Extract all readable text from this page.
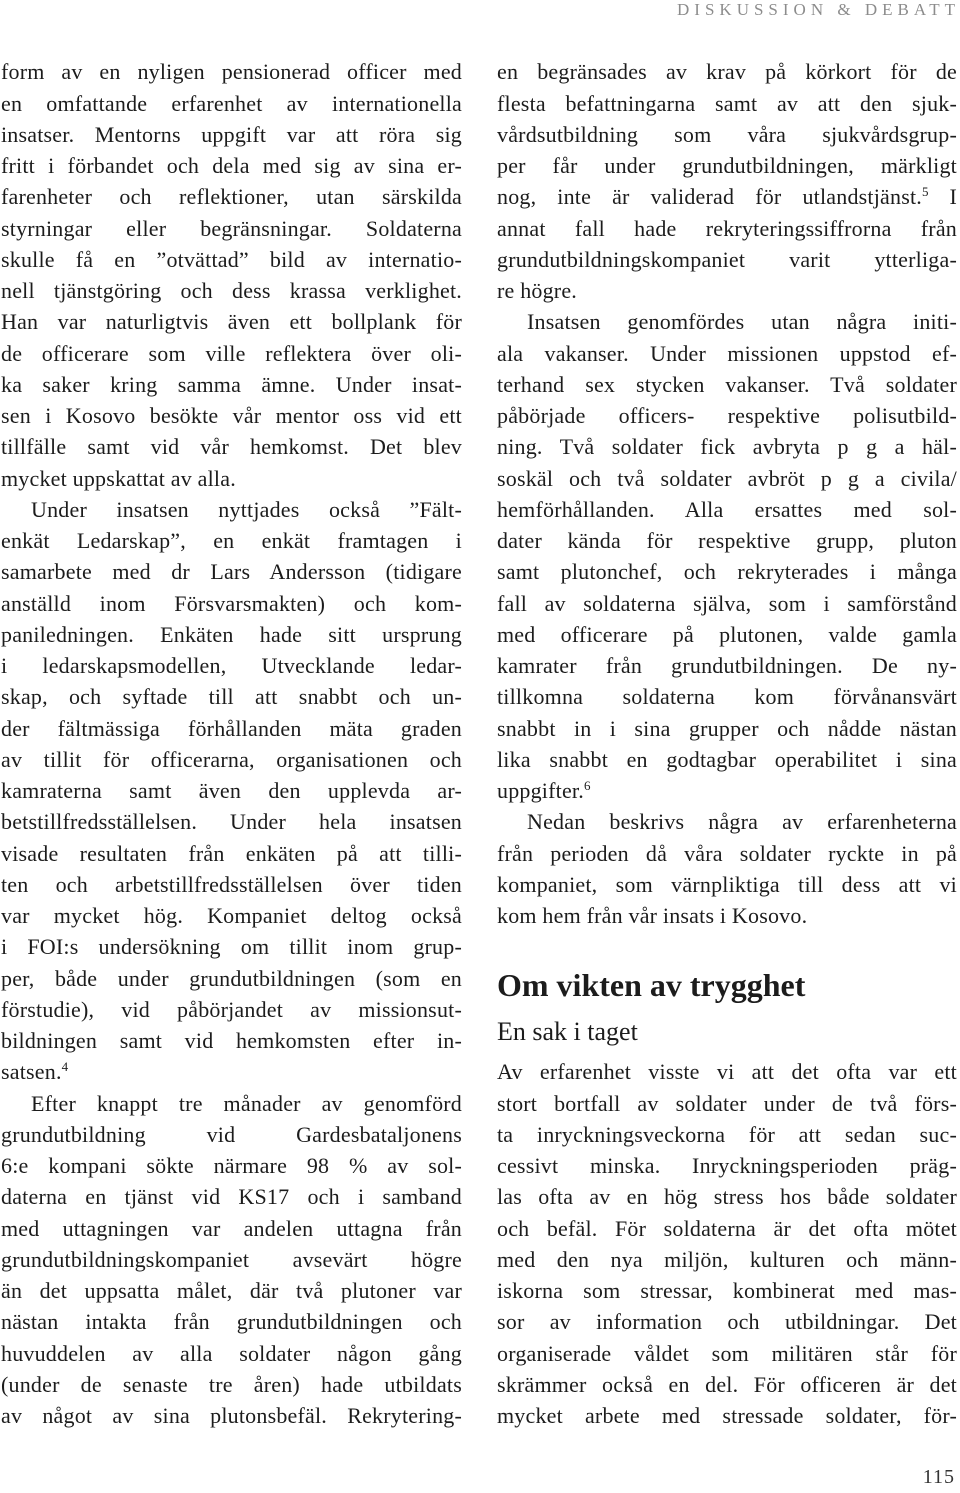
DISKUSSION & DEBATT
form av en nyligen pensionerad officer med
en omfattande erfarenhet av internationella
insatser. Mentorns uppgift var att röra sig
fritt i förbandet och dela med sig av sina er-
farenheter och reflektioner, utan särskilda
styrningar eller begränsningar. Soldaterna
skulle få en ”otvättad” bild av internatio-
nell tjänstgöring och dess krassa verklighet.
Han var naturligtvis även ett bollplank för
de officerare som ville reflektera över oli-
ka saker kring samma ämne. Under insat-
sen i Kosovo besökte vår mentor oss vid ett
tillfälle samt vid vår hemkomst. Det blev
mycket uppskattat av alla.
Under insatsen nyttjades också ”Fält-
enkät Ledarskap”, en enkät framtagen i
samarbete med dr Lars Andersson (tidigare
anställd inom Försvarsmakten) och kom-
paniledningen. Enkäten hade sitt ursprung
i ledarskapsmodellen, Utvecklande ledar-
skap, och syftade till att snabbt och un-
der fältmässiga förhållanden mäta graden
av tillit för officerarna, organisationen och
kamraterna samt även den upplevda ar-
betstillfredsställelsen. Under hela insatsen
visade resultaten från enkäten på att tilli-
ten och arbetstillfredsställelsen över tiden
var mycket hög. Kompaniet deltog också
i FOI:s undersökning om tillit inom grup-
per, både under grundutbildningen (som en
förstudie), vid påbörjandet av missionsut-
bildningen samt vid hemkomsten efter in-
satsen.$^4$
Efter knappt tre månader av genomförd
grundutbildning vid Gardesbataljonens
6:e kompani sökte närmare 98 % av sol-
daterna en tjänst vid KS17 och i samband
med uttagningen var andelen uttagna från
grundutbildningskompaniet avsevärt högre
än det uppsatta målet, där två plutoner var
nästan intakta från grundutbildningen och
huvuddelen av alla soldater någon gång
(under de senaste tre åren) hade utbildats
av något av sina plutonsbefäl. Rekrytering-
en begränsades av krav på körkort för de
flesta befattningarna samt av att den sjuk-
vårdsutbildning som våra sjukvårdsgrup-
per får under grundutbildningen, märkligt
nog, inte är validerad för utlandstjänst.$^5$ I
annat fall hade rekryteringssiffrorna från
grundutbildningskompaniet varit ytterliga-
re högre.
Insatsen genomfördes utan några initi-
ala vakanser. Under missionen uppstod ef-
terhand sex stycken vakanser. Två soldater
påbörjade officers- respektive polisutbild-
ning. Två soldater fick avbryta p g a häl-
soskäl och två soldater avbröt p g a civila/
hemförhållanden. Alla ersattes med sol-
dater kända för respektive grupp, pluton
samt plutonchef, och rekryterades i många
fall av soldaterna själva, som i samförstånd
med officerare på plutonen, valde gamla
kamrater från grundutbildningen. De ny-
tillkomna soldaterna kom förvånansvärt
snabbt in i sina grupper och nådde nästan
lika snabbt en godtagbar operabilitet i sina
uppgifter.$^6$
Nedan beskrivs några av erfarenheterna
från perioden då våra soldater ryckte in på
kompaniet, som värnpliktiga till dess att vi
kom hem från vår insats i Kosovo.
Om vikten av trygghet
En sak i taget
Av erfarenhet visste vi att det ofta var ett
stort bortfall av soldater under de två förs-
ta inryckningsveckorna för att sedan suc-
cessivt minska. Inryckningsperioden präg-
las ofta av en hög stress hos både soldater
och befäl. För soldaterna är det ofta mötet
med den nya miljön, kulturen och männ-
iskorna som stressar, kombinerat med mas-
sor av information och utbildningar. Det
organiserade våldet som militären står för
skrämmer också en del. För officeren är det
mycket arbete med stressade soldater, för-
115
